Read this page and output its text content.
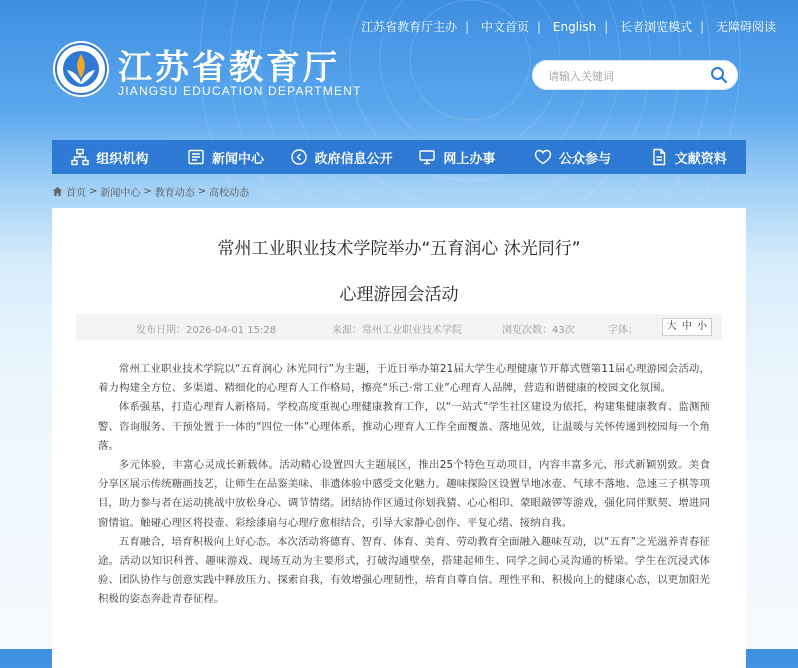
江苏省教育厅主办 | 中文首页 | English | 长者浏览模式 | 无障碍阅读
江苏省教育厅
JIANGSU EDUCATION DEPARTMENT
请输入关键词
组织机构	新闻中心	政府信息公开	网上办事	公众参与	文献资料
首页 > 新闻中心 > 教育动态 > 高校动态
常州工业职业技术学院举办“五育润心 沐光同行”
心理游园会活动
发布日期：2026-04-01 15:28	来源：常州工业职业技术学院	浏览次数：43次	字体：	大 中 小

常州工业职业技术学院以“五育润心 沐光同行”为主题，于近日举办第21届大学生心理健康节开幕式暨第11届心理游园会活动，着力构建全方位、多渠道、精细化的心理育人工作格局，擦亮“乐己·常工业”心理育人品牌，营造和谐健康的校园文化氛围。

体系强基，打造心理育人新格局。学校高度重视心理健康教育工作，以“一站式”学生社区建设为依托，构建集健康教育、监测预警、咨询服务、干预处置于一体的“四位一体”心理体系，推动心理育人工作全面覆盖、落地见效，让温暖与关怀传递到校园每一个角落。

多元体验，丰富心灵成长新载体。活动精心设置四大主题展区，推出25个特色互动项目，内容丰富多元、形式新颖别致。美食分享区展示传统糖画技艺，让师生在品鉴美味、非遗体验中感受文化魅力。趣味探险区设置旱地冰壶、气球不落地、急速三子棋等项目，助力参与者在运动挑战中放松身心、调节情绪。团结协作区通过你划我猜、心心相印、蒙眼敲锣等游戏，强化同伴默契、增进同窗情谊。触碰心理区将投壶、彩绘漆扇与心理疗愈相结合，引导大家静心创作、平复心绪、接纳自我。

五育融合，培育积极向上好心态。本次活动将德育、智育、体育、美育、劳动教育全面融入趣味互动，以“五育”之光滋养青春征途。活动以知识科普、趣味游戏、现场互动为主要形式，打破沟通壁垒，搭建起师生、同学之间心灵沟通的桥梁。学生在沉浸式体验、团队协作与创意实践中释放压力、探索自我，有效增强心理韧性，培育自尊自信、理性平和、积极向上的健康心态，以更加阳光积极的姿态奔赴青春征程。
